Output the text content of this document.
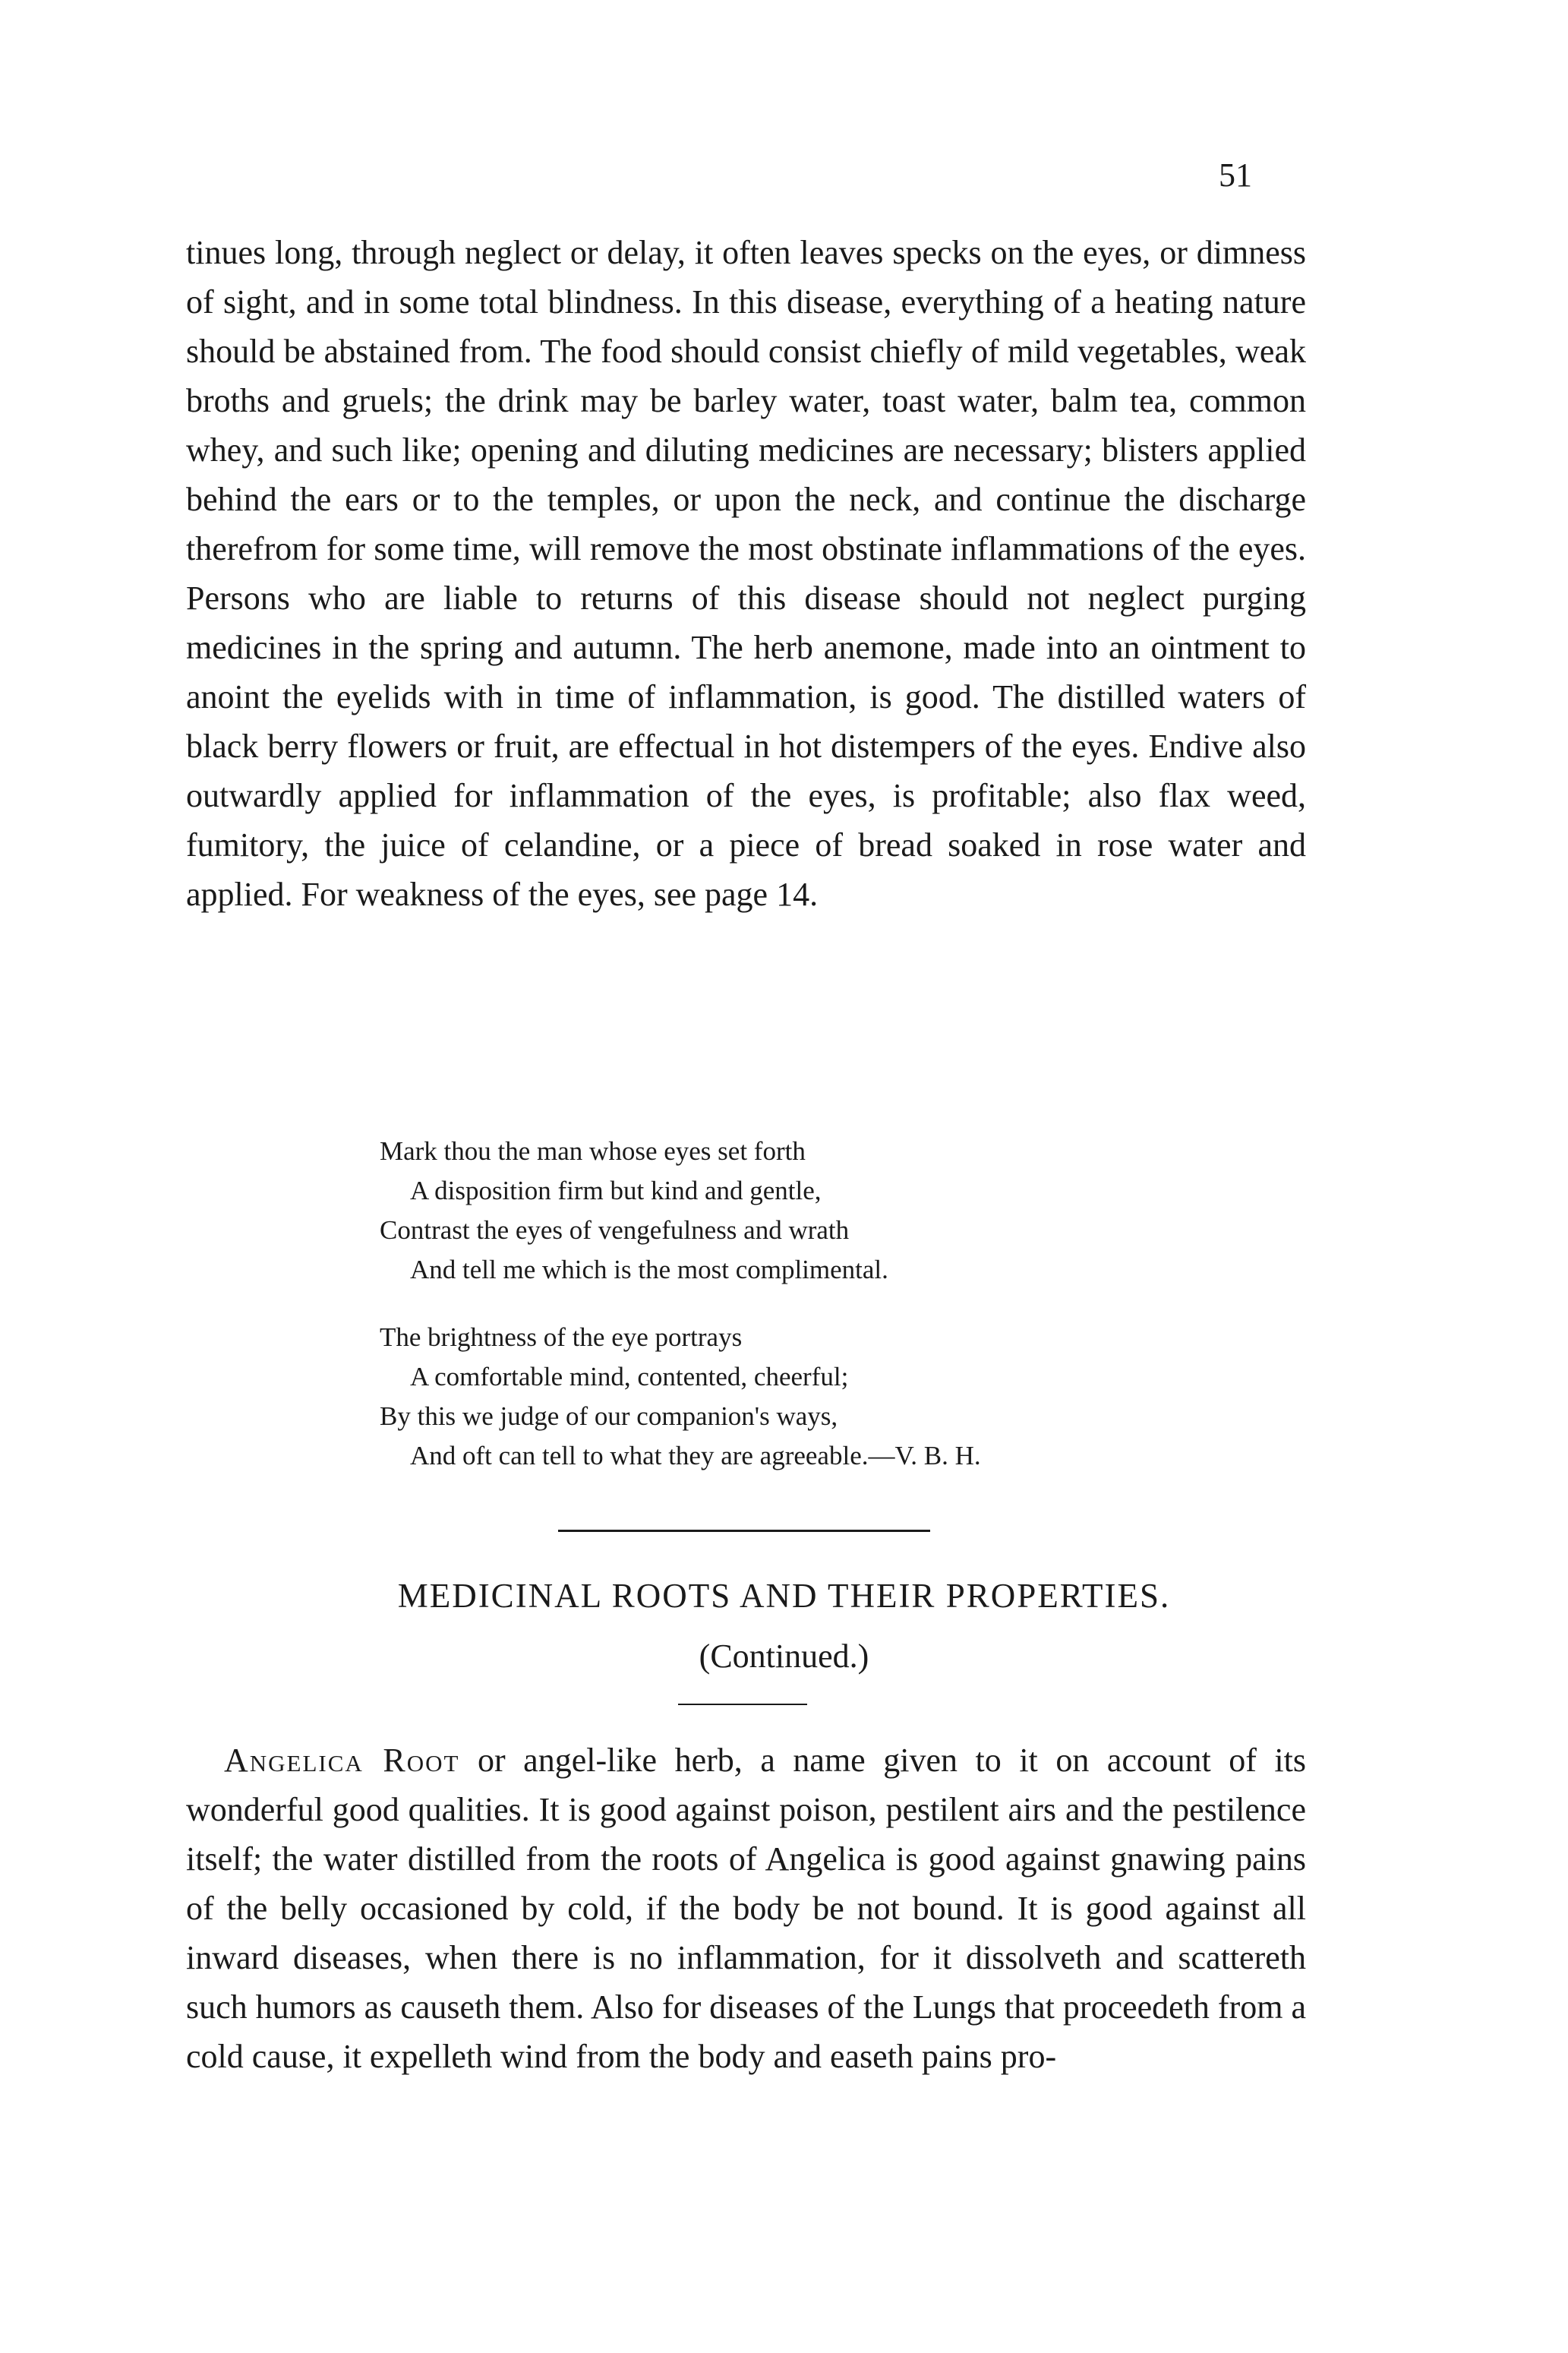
51

tinues long, through neglect or delay, it often leaves specks on the eyes, or dimness of sight, and in some total blindness. In this disease, everything of a heating nature should be abstained from. The food should consist chiefly of mild vegetables, weak broths and gruels; the drink may be barley water, toast water, balm tea, common whey, and such like; opening and diluting medicines are necessary; blisters applied behind the ears or to the temples, or upon the neck, and continue the discharge therefrom for some time, will remove the most obstinate inflammations of the eyes. Persons who are liable to returns of this disease should not neglect purging medicines in the spring and autumn. The herb anemone, made into an ointment to anoint the eyelids with in time of inflammation, is good. The distilled waters of black berry flowers or fruit, are effectual in hot distempers of the eyes. Endive also outwardly applied for inflammation of the eyes, is profitable; also flax weed, fumitory, the juice of celandine, or a piece of bread soaked in rose water and applied. For weakness of the eyes, see page 14.

Mark thou the man whose eyes set forth
A disposition firm but kind and gentle,
Contrast the eyes of vengefulness and wrath
And tell me which is the most complimental.
The brightness of the eye portrays
A comfortable mind, contented, cheerful;
By this we judge of our companion's ways,
And oft can tell to what they are agreeable.—V. B. H.
MEDICINAL ROOTS AND THEIR PROPERTIES.
(Continued.)

Angelica Root or angel-like herb, a name given to it on account of its wonderful good qualities. It is good against poison, pestilent airs and the pestilence itself; the water distilled from the roots of Angelica is good against gnawing pains of the belly occasioned by cold, if the body be not bound. It is good against all inward diseases, when there is no inflammation, for it dissolveth and scattereth such humors as causeth them. Also for diseases of the Lungs that proceedeth from a cold cause, it expelleth wind from the body and easeth pains pro-
